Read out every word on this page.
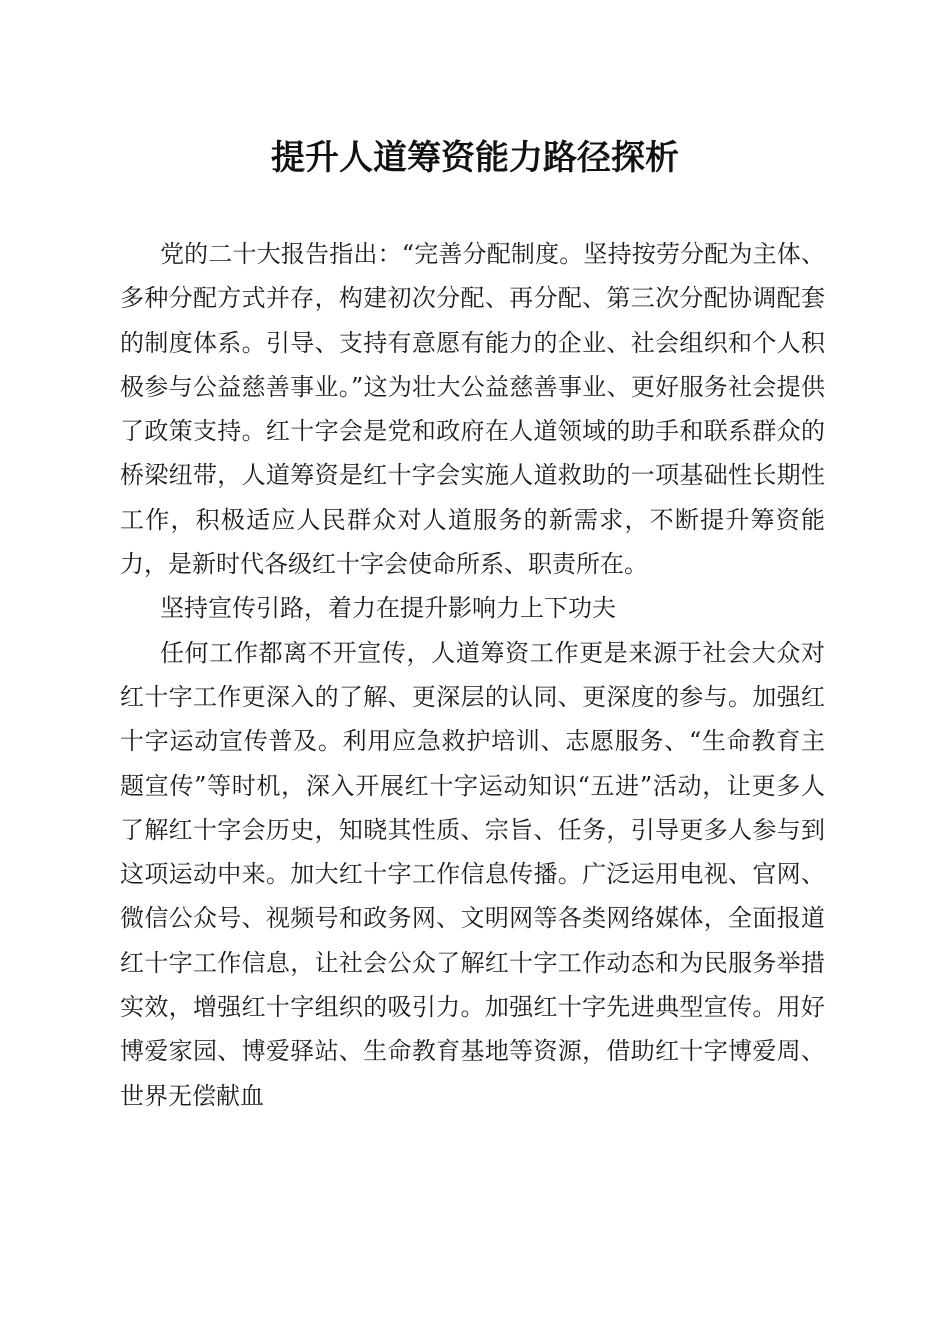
提升人道筹资能力路径探析

党的二十大报告指出：“完善分配制度。坚持按劳分配为主体、多种分配方式并存，构建初次分配、再分配、第三次分配协调配套的制度体系。引导、支持有意愿有能力的企业、社会组织和个人积极参与公益慈善事业。”这为壮大公益慈善事业、更好服务社会提供了政策支持。红十字会是党和政府在人道领域的助手和联系群众的桥梁纽带，人道筹资是红十字会实施人道救助的一项基础性长期性工作，积极适应人民群众对人道服务的新需求，不断提升筹资能力，是新时代各级红十字会使命所系、职责所在。

坚持宣传引路，着力在提升影响力上下功夫

任何工作都离不开宣传，人道筹资工作更是来源于社会大众对红十字工作更深入的了解、更深层的认同、更深度的参与。加强红十字运动宣传普及。利用应急救护培训、志愿服务、“生命教育主题宣传”等时机，深入开展红十字运动知识“五进”活动，让更多人了解红十字会历史，知晓其性质、宗旨、任务，引导更多人参与到这项运动中来。加大红十字工作信息传播。广泛运用电视、官网、微信公众号、视频号和政务网、文明网等各类网络媒体，全面报道红十字工作信息，让社会公众了解红十字工作动态和为民服务举措实效，增强红十字组织的吸引力。加强红十字先进典型宣传。用好博爱家园、博爱驿站、生命教育基地等资源，借助红十字博爱周、世界无偿献血
